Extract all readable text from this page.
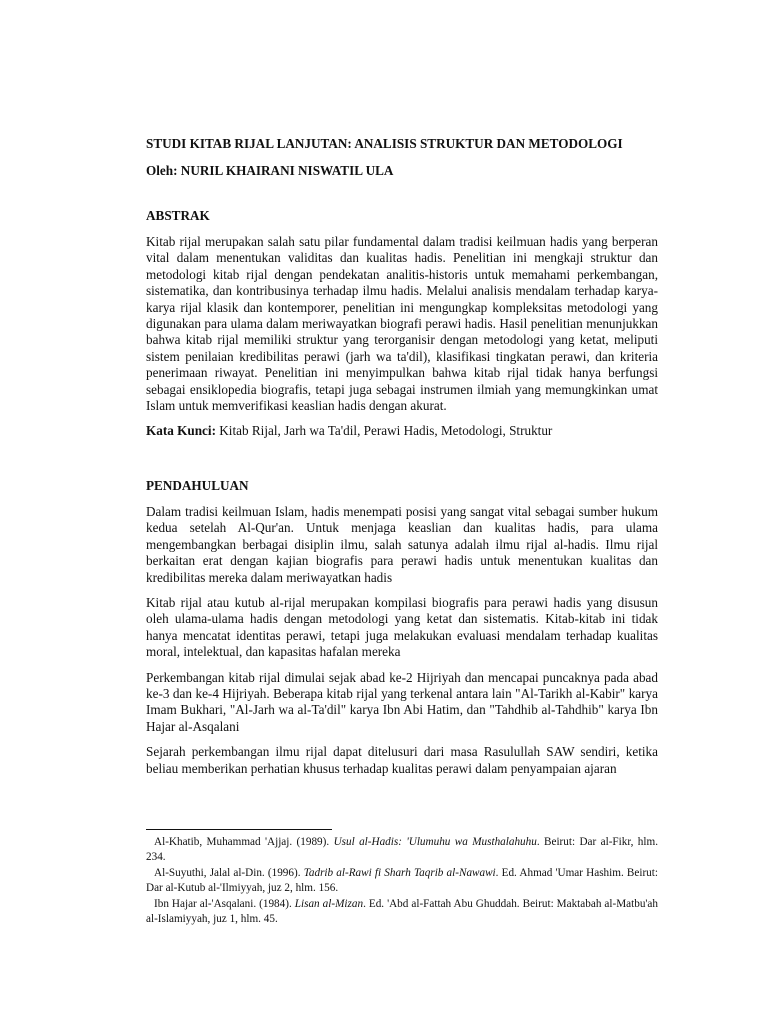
STUDI KITAB RIJAL LANJUTAN: ANALISIS STRUKTUR DAN METODOLOGI
Oleh: NURIL KHAIRANI NISWATIL ULA
ABSTRAK

Kitab rijal merupakan salah satu pilar fundamental dalam tradisi keilmuan hadis yang berperan vital dalam menentukan validitas dan kualitas hadis. Penelitian ini mengkaji struktur dan metodologi kitab rijal dengan pendekatan analitis-historis untuk memahami perkembangan, sistematika, dan kontribusinya terhadap ilmu hadis. Melalui analisis mendalam terhadap karya-karya rijal klasik dan kontemporer, penelitian ini mengungkap kompleksitas metodologi yang digunakan para ulama dalam meriwayatkan biografi perawi hadis. Hasil penelitian menunjukkan bahwa kitab rijal memiliki struktur yang terorganisir dengan metodologi yang ketat, meliputi sistem penilaian kredibilitas perawi (jarh wa ta'dil), klasifikasi tingkatan perawi, dan kriteria penerimaan riwayat. Penelitian ini menyimpulkan bahwa kitab rijal tidak hanya berfungsi sebagai ensiklopedia biografis, tetapi juga sebagai instrumen ilmiah yang memungkinkan umat Islam untuk memverifikasi keaslian hadis dengan akurat.

Kata Kunci: Kitab Rijal, Jarh wa Ta'dil, Perawi Hadis, Metodologi, Struktur

PENDAHULUAN

Dalam tradisi keilmuan Islam, hadis menempati posisi yang sangat vital sebagai sumber hukum kedua setelah Al-Qur'an. Untuk menjaga keaslian dan kualitas hadis, para ulama mengembangkan berbagai disiplin ilmu, salah satunya adalah ilmu rijal al-hadis. Ilmu rijal berkaitan erat dengan kajian biografis para perawi hadis untuk menentukan kualitas dan kredibilitas mereka dalam meriwayatkan hadis

Kitab rijal atau kutub al-rijal merupakan kompilasi biografis para perawi hadis yang disusun oleh ulama-ulama hadis dengan metodologi yang ketat dan sistematis. Kitab-kitab ini tidak hanya mencatat identitas perawi, tetapi juga melakukan evaluasi mendalam terhadap kualitas moral, intelektual, dan kapasitas hafalan mereka

Perkembangan kitab rijal dimulai sejak abad ke-2 Hijriyah dan mencapai puncaknya pada abad ke-3 dan ke-4 Hijriyah. Beberapa kitab rijal yang terkenal antara lain "Al-Tarikh al-Kabir" karya Imam Bukhari, "Al-Jarh wa al-Ta'dil" karya Ibn Abi Hatim, dan "Tahdhib al-Tahdhib" karya Ibn Hajar al-Asqalani

Sejarah perkembangan ilmu rijal dapat ditelusuri dari masa Rasulullah SAW sendiri, ketika beliau memberikan perhatian khusus terhadap kualitas perawi dalam penyampaian ajaran

Al-Khatib, Muhammad 'Ajjaj. (1989). Usul al-Hadis: 'Ulumuhu wa Musthalahuhu. Beirut: Dar al-Fikr, hlm. 234.

Al-Suyuthi, Jalal al-Din. (1996). Tadrib al-Rawi fi Sharh Taqrib al-Nawawi. Ed. Ahmad 'Umar Hashim. Beirut: Dar al-Kutub al-'Ilmiyyah, juz 2, hlm. 156.

Ibn Hajar al-'Asqalani. (1984). Lisan al-Mizan. Ed. 'Abd al-Fattah Abu Ghuddah. Beirut: Maktabah al-Matbu'ah al-Islamiyyah, juz 1, hlm. 45.
